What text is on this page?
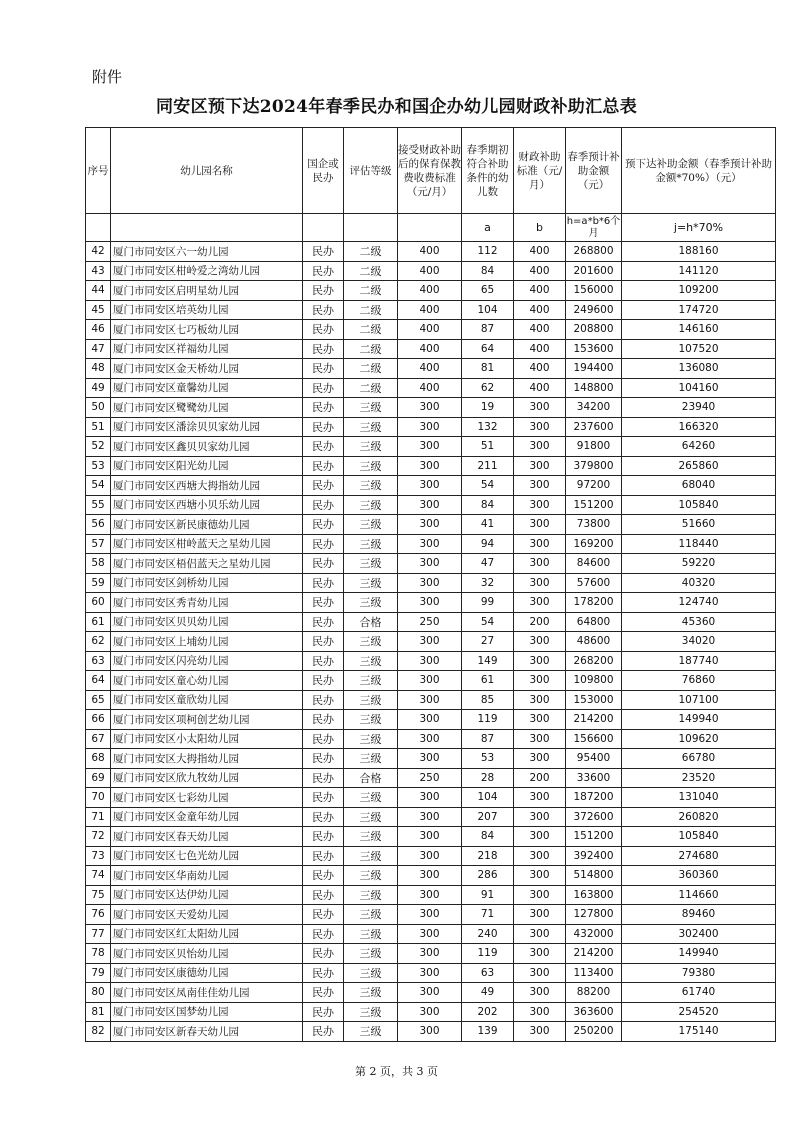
附件
同安区预下达2024年春季民办和国企办幼儿园财政补助汇总表
序号	幼儿园名称	国企或民办	评估等级	接受财政补助后的保育保教费收费标准（元/月）	春季期初符合补助条件的幼儿数	财政补助标准（元/月）	春季预计补助金额（元）	预下达补助金额（春季预计补助金额*70%）（元）
					a	b	h=a*b*6个月	j=h*70%
42	厦门市同安区六一幼儿园	民办	二级	400	112	400	268800	188160
43	厦门市同安区柑岭爱之湾幼儿园	民办	二级	400	84	400	201600	141120
44	厦门市同安区启明星幼儿园	民办	二级	400	65	400	156000	109200
45	厦门市同安区培英幼儿园	民办	二级	400	104	400	249600	174720
46	厦门市同安区七巧板幼儿园	民办	二级	400	87	400	208800	146160
47	厦门市同安区祥福幼儿园	民办	二级	400	64	400	153600	107520
48	厦门市同安区金天桥幼儿园	民办	二级	400	81	400	194400	136080
49	厦门市同安区童馨幼儿园	民办	二级	400	62	400	148800	104160
50	厦门市同安区鹭鹭幼儿园	民办	三级	300	19	300	34200	23940
51	厦门市同安区潘涂贝贝家幼儿园	民办	三级	300	132	300	237600	166320
52	厦门市同安区鑫贝贝家幼儿园	民办	三级	300	51	300	91800	64260
53	厦门市同安区阳光幼儿园	民办	三级	300	211	300	379800	265860
54	厦门市同安区西塘大拇指幼儿园	民办	三级	300	54	300	97200	68040
55	厦门市同安区西塘小贝乐幼儿园	民办	三级	300	84	300	151200	105840
56	厦门市同安区新民康德幼儿园	民办	三级	300	41	300	73800	51660
57	厦门市同安区柑岭蓝天之星幼儿园	民办	三级	300	94	300	169200	118440
58	厦门市同安区梧侣蓝天之星幼儿园	民办	三级	300	47	300	84600	59220
59	厦门市同安区剑桥幼儿园	民办	三级	300	32	300	57600	40320
60	厦门市同安区秀青幼儿园	民办	三级	300	99	300	178200	124740
61	厦门市同安区贝贝幼儿园	民办	合格	250	54	200	64800	45360
62	厦门市同安区上埔幼儿园	民办	三级	300	27	300	48600	34020
63	厦门市同安区闪亮幼儿园	民办	三级	300	149	300	268200	187740
64	厦门市同安区童心幼儿园	民办	三级	300	61	300	109800	76860
65	厦门市同安区童欣幼儿园	民办	三级	300	85	300	153000	107100
66	厦门市同安区项柯创艺幼儿园	民办	三级	300	119	300	214200	149940
67	厦门市同安区小太阳幼儿园	民办	三级	300	87	300	156600	109620
68	厦门市同安区大拇指幼儿园	民办	三级	300	53	300	95400	66780
69	厦门市同安区欣九牧幼儿园	民办	合格	250	28	200	33600	23520
70	厦门市同安区七彩幼儿园	民办	三级	300	104	300	187200	131040
71	厦门市同安区金童年幼儿园	民办	三级	300	207	300	372600	260820
72	厦门市同安区春天幼儿园	民办	三级	300	84	300	151200	105840
73	厦门市同安区七色光幼儿园	民办	三级	300	218	300	392400	274680
74	厦门市同安区华南幼儿园	民办	三级	300	286	300	514800	360360
75	厦门市同安区达伊幼儿园	民办	三级	300	91	300	163800	114660
76	厦门市同安区天爱幼儿园	民办	三级	300	71	300	127800	89460
77	厦门市同安区红太阳幼儿园	民办	三级	300	240	300	432000	302400
78	厦门市同安区贝怡幼儿园	民办	三级	300	119	300	214200	149940
79	厦门市同安区康德幼儿园	民办	三级	300	63	300	113400	79380
80	厦门市同安区凤南佳佳幼儿园	民办	三级	300	49	300	88200	61740
81	厦门市同安区国梦幼儿园	民办	三级	300	202	300	363600	254520
82	厦门市同安区新春天幼儿园	民办	三级	300	139	300	250200	175140
第 2 页，共 3 页
